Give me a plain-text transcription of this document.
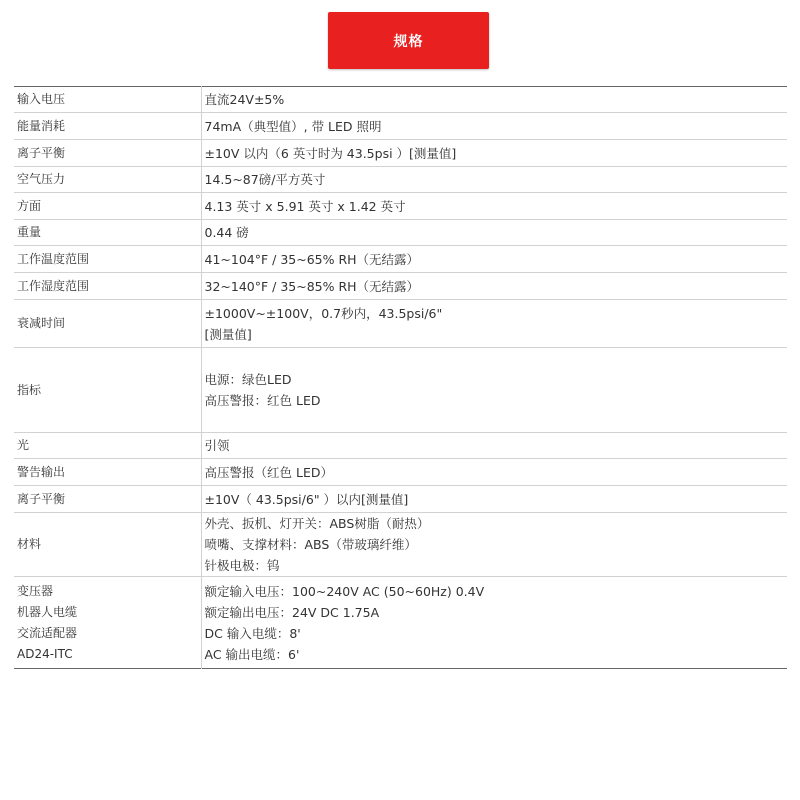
规格
输入电压	直流24V±5%

能量消耗	74mA（典型值）, 带 LED 照明

离子平衡	±10V 以内（6 英寸时为 43.5psi ）[测量值]

空气压力	14.5~87磅/平方英寸

方面	4.13 英寸 x 5.91 英寸 x 1.42 英寸

重量	0.44 磅

工作温度范围	41~104°F / 35~65% RH（无结露）

工作湿度范围	32~140°F / 35~85% RH（无结露）

衰减时间	±1000V~±100V，0.7秒内，43.5psi/6"
[测量值]

指标	电源：绿色LED
高压警报：红色 LED

光	引领

警告输出	高压警报（红色 LED）

离子平衡	±10V（ 43.5psi/6" ）以内[测量值]

材料	外壳、扳机、灯开关：ABS树脂（耐热）
喷嘴、支撑材料：ABS（带玻璃纤维）
针极电极：钨

变压器
机器人电缆
交流适配器
AD24-ITC	额定输入电压：100~240V AC (50~60Hz) 0.4V
额定输出电压：24V DC 1.75A
DC 输入电缆：8'
AC 输出电缆：6'
